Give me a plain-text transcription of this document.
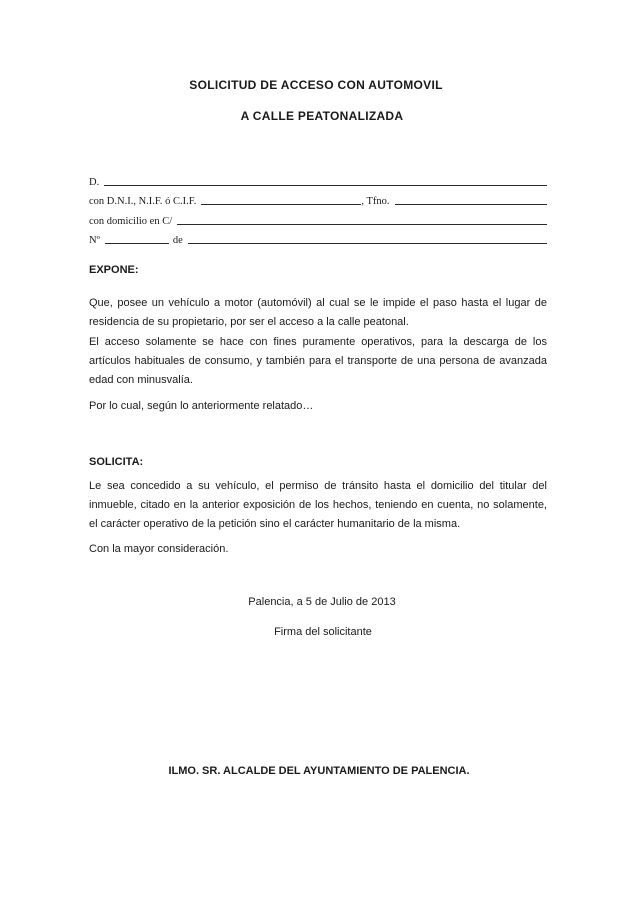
SOLICITUD DE ACCESO CON AUTOMOVIL
A CALLE PEATONALIZADA
D.
con D.N.I., N.I.F. ó C.I.F.	, Tfno.
con domicilio en C/
Nº	de
EXPONE:
Que, posee un vehículo a motor (automóvil) al cual se le impide el paso hasta el lugar de residencia de su propietario, por ser el acceso a la calle peatonal.
El acceso solamente se hace con fines puramente operativos, para la descarga de los artículos habituales de consumo, y también para el transporte de una persona de avanzada edad con minusvalía.
Por lo cual, según lo anteriormente relatado…
SOLICITA:
Le sea concedido a su vehículo, el permiso de tránsito hasta el domicilio del titular del inmueble, citado en la anterior exposición de los hechos, teniendo en cuenta, no solamente, el carácter operativo de la petición sino el carácter humanitario de la misma.
Con la mayor consideración.
Palencia, a 5 de Julio de 2013
Firma del solicitante
ILMO. SR. ALCALDE DEL AYUNTAMIENTO DE PALENCIA.
